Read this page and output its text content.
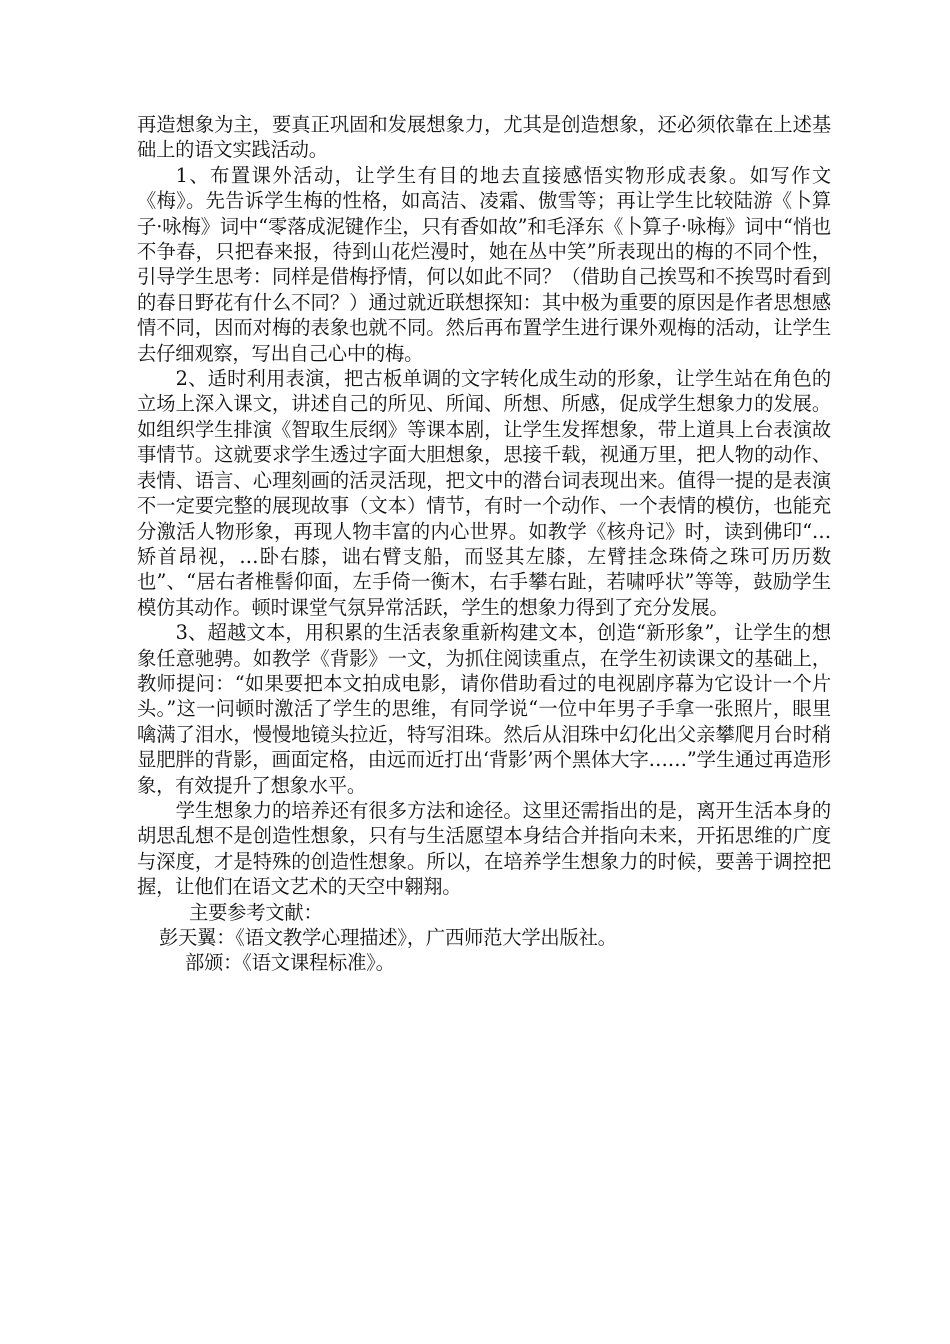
再造想象为主，要真正巩固和发展想象力，尤其是创造想象，还必须依靠在上述基础上的语文实践活动。

1、布置课外活动，让学生有目的地去直接感悟实物形成表象。如写作文《梅》。先告诉学生梅的性格，如高洁、凌霜、傲雪等；再让学生比较陆游《卜算子·咏梅》词中“零落成泥键作尘，只有香如故”和毛泽东《卜算子·咏梅》词中“悄也不争春，只把春来报，待到山花烂漫时，她在丛中笑”所表现出的梅的不同个性，引导学生思考：同样是借梅抒情，何以如此不同？（借助自己挨骂和不挨骂时看到的春日野花有什么不同？）通过就近联想探知：其中极为重要的原因是作者思想感情不同，因而对梅的表象也就不同。然后再布置学生进行课外观梅的活动，让学生去仔细观察，写出自己心中的梅。

2、适时利用表演，把古板单调的文字转化成生动的形象，让学生站在角色的立场上深入课文，讲述自己的所见、所闻、所想、所感，促成学生想象力的发展。如组织学生排演《智取生辰纲》等课本剧，让学生发挥想象，带上道具上台表演故事情节。这就要求学生透过字面大胆想象，思接千载，视通万里，把人物的动作、表情、语言、心理刻画的活灵活现，把文中的潜台词表现出来。值得一提的是表演不一定要完整的展现故事（文本）情节，有时一个动作、一个表情的模仿，也能充分激活人物形象，再现人物丰富的内心世界。如教学《核舟记》时，读到佛印“…矫首昂视，…卧右膝，诎右臂支船，而竖其左膝，左臂挂念珠倚之珠可历历数也”、“居右者椎髻仰面，左手倚一衡木，右手攀右趾，若啸呼状”等等，鼓励学生模仿其动作。顿时课堂气氛异常活跃，学生的想象力得到了充分发展。

3、超越文本，用积累的生活表象重新构建文本，创造“新形象”，让学生的想象任意驰骋。如教学《背影》一文，为抓住阅读重点，在学生初读课文的基础上，教师提问：“如果要把本文拍成电影，请你借助看过的电视剧序幕为它设计一个片头。”这一问顿时激活了学生的思维，有同学说“一位中年男子手拿一张照片，眼里噙满了泪水，慢慢地镜头拉近，特写泪珠。然后从泪珠中幻化出父亲攀爬月台时稍显肥胖的背影，画面定格，由远而近打出‘背影’两个黑体大字……”学生通过再造形象，有效提升了想象水平。

学生想象力的培养还有很多方法和途径。这里还需指出的是，离开生活本身的胡思乱想不是创造性想象，只有与生活愿望本身结合并指向未来，开拓思维的广度与深度，才是特殊的创造性想象。所以，在培养学生想象力的时候，要善于调控把握，让他们在语文艺术的天空中翱翔。

主要参考文献：
彭天翼：《语文教学心理描述》，广西师范大学出版社。
部颁：《语文课程标准》。
